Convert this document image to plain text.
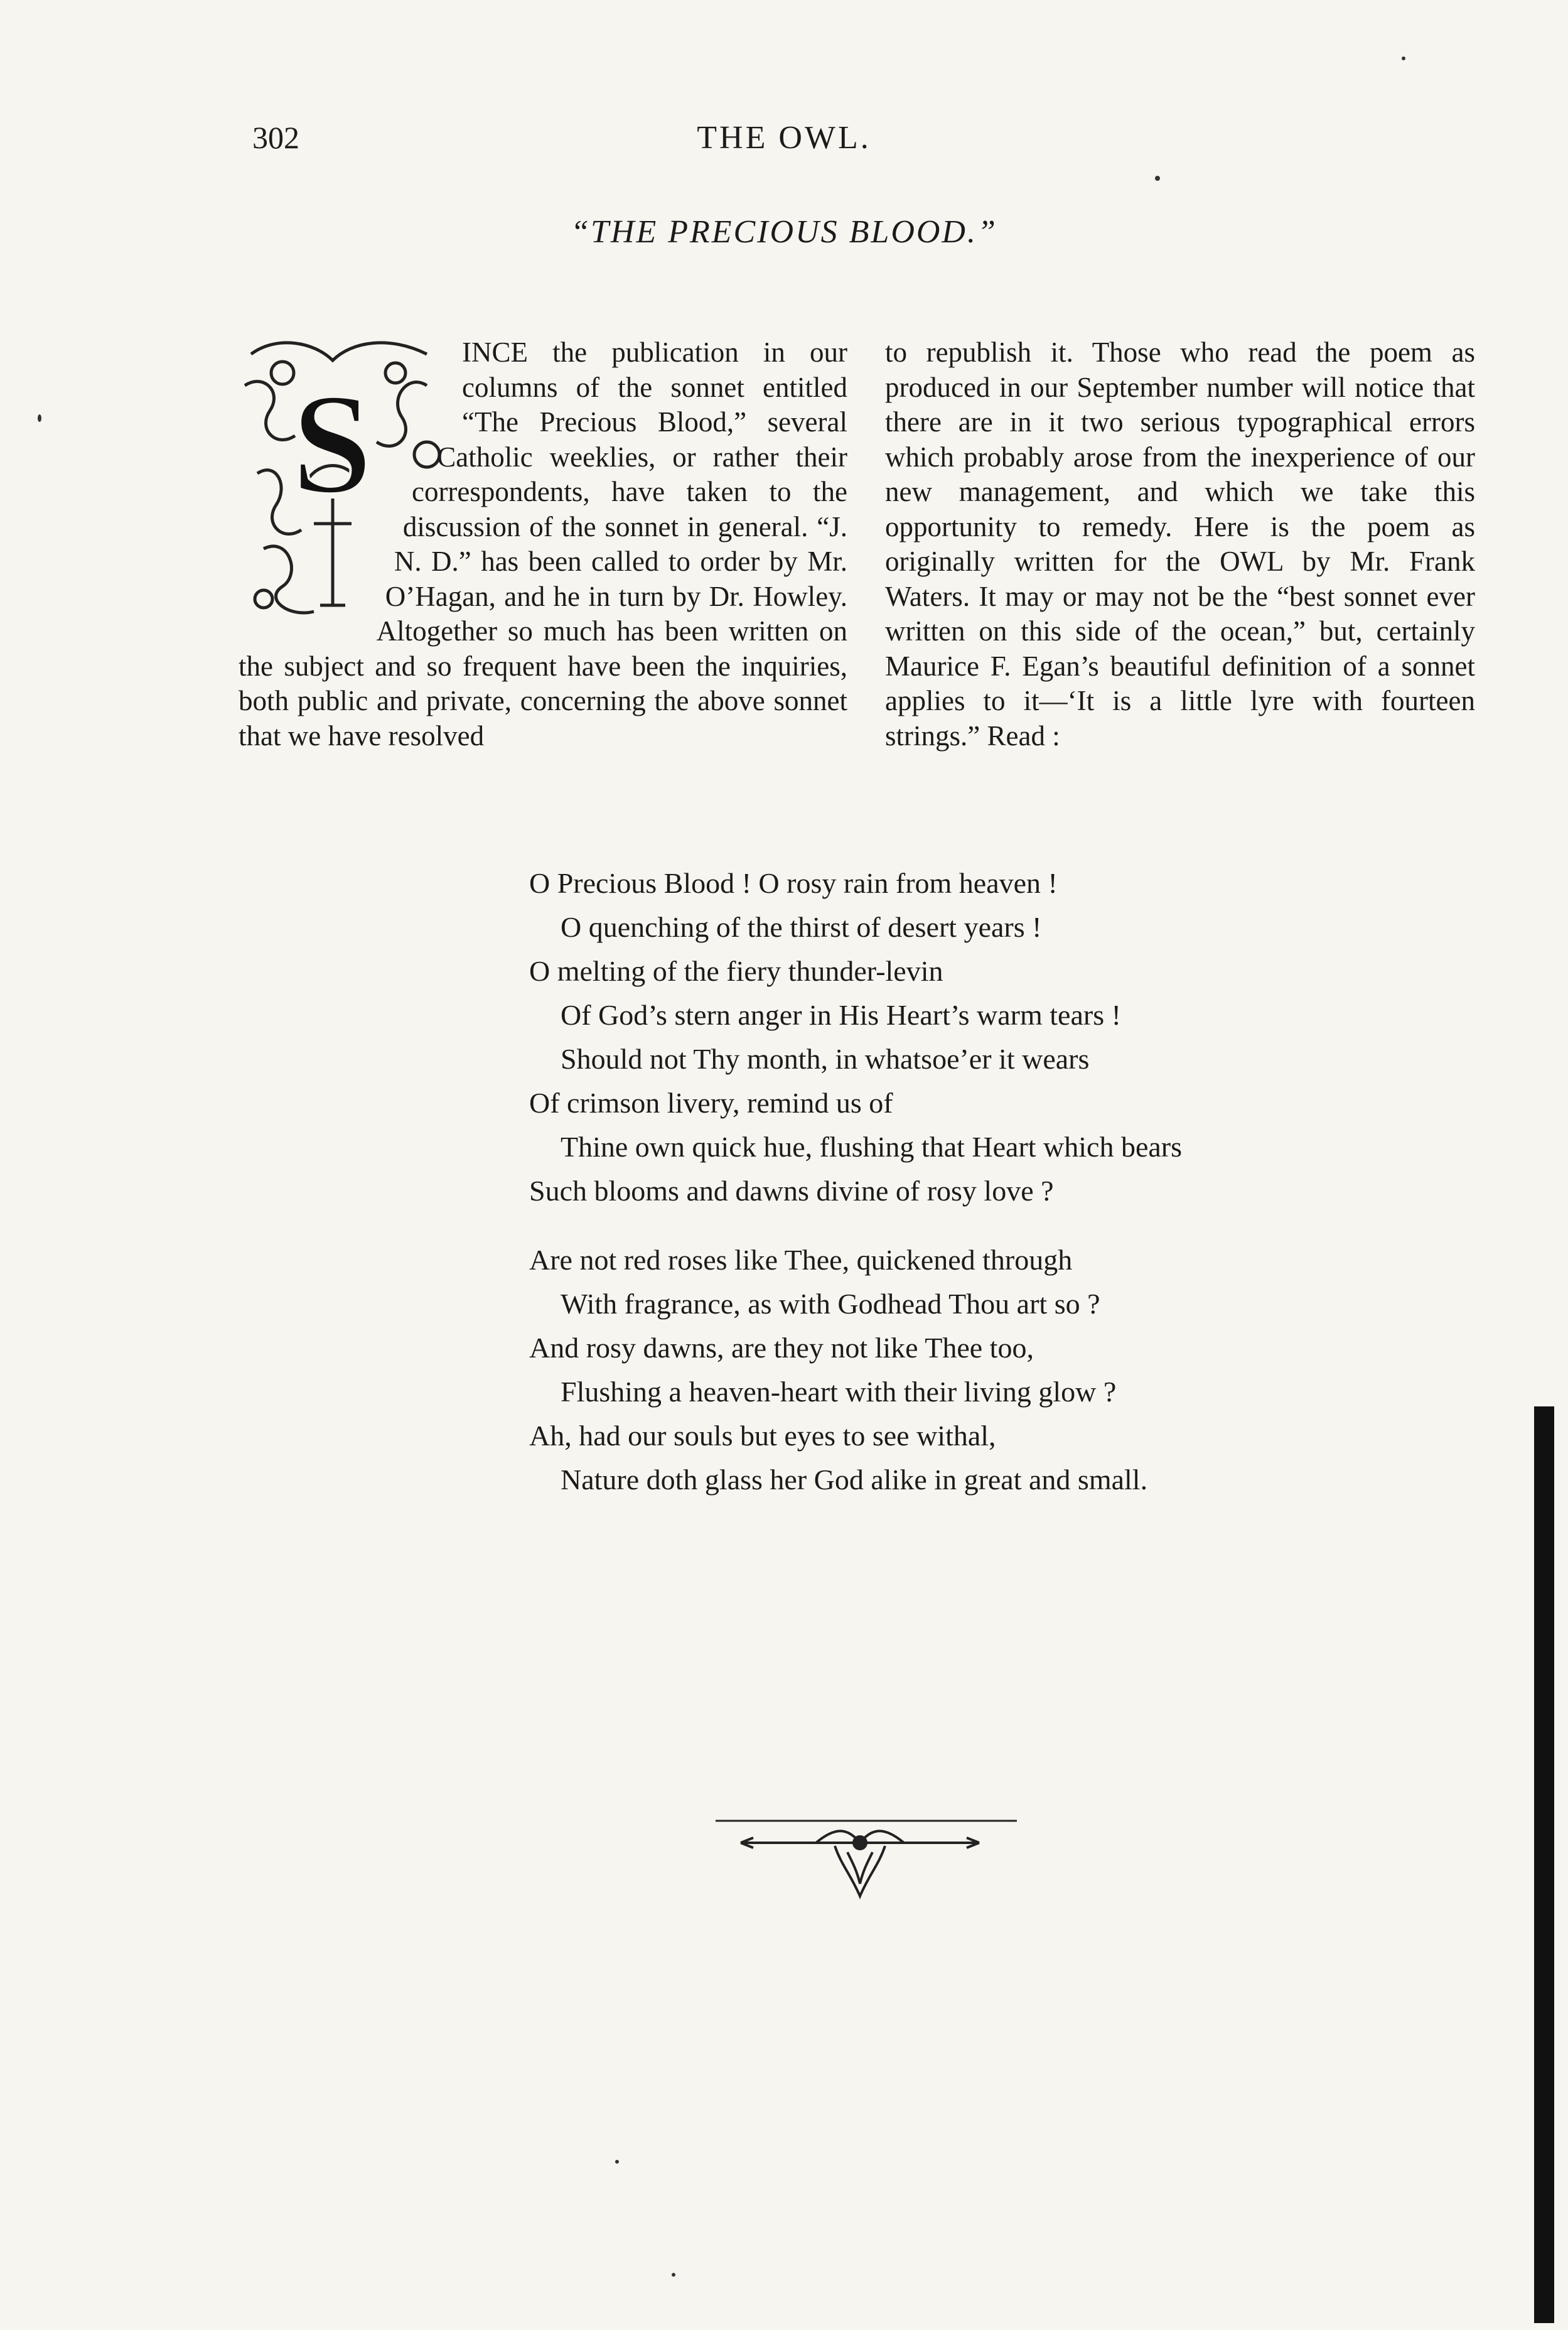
302	THE OWL.
“THE PRECIOUS BLOOD.”
S
INCE the publication in our columns of the sonnet entitled “The Precious Blood,” several Catholic weeklies, or rather their correspondents, have taken to the discussion of the sonnet in general. “J. N. D.” has been called to order by Mr. O’Hagan, and he in turn by Dr. Howley. Altogether so much has been written on the subject and so frequent have been the inquiries, both public and private, concerning the above sonnet that we have resolved
to republish it. Those who read the poem as produced in our September number will notice that there are in it two serious typographical errors which probably arose from the inexperience of our new management, and which we take this opportunity to remedy. Here is the poem as originally written for the OWL by Mr. Frank Waters. It may or may not be the “best sonnet ever written on this side of the ocean,” but, certainly Maurice F. Egan’s beautiful definition of a sonnet applies to it—‘It is a little lyre with fourteen strings.” Read :
O Precious Blood ! O rosy rain from heaven !
O quenching of the thirst of desert years !
O melting of the fiery thunder-levin
Of God’s stern anger in His Heart’s warm tears !
Should not Thy month, in whatsoe’er it wears
Of crimson livery, remind us of
Thine own quick hue, flushing that Heart which bears
Such blooms and dawns divine of rosy love ?
Are not red roses like Thee, quickened through
With fragrance, as with Godhead Thou art so ?
And rosy dawns, are they not like Thee too,
Flushing a heaven-heart with their living glow ?
Ah, had our souls but eyes to see withal,
Nature doth glass her God alike in great and small.
